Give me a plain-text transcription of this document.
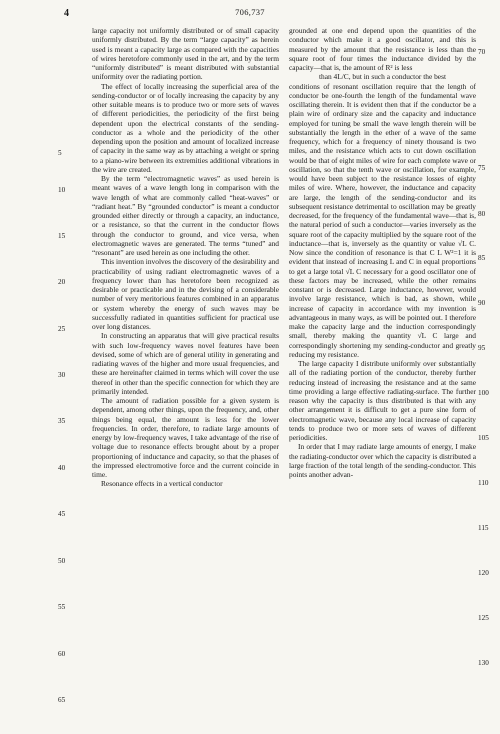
4	706,737

large capacity not uniformly distributed or of small capacity uniformly distributed. By the term “large capacity” as herein used is meant a capacity large as compared with the capacities of wires heretofore commonly used in the art, and by the term “uniformly distributed” is meant distributed with substantial uniformity over the radiating portion.

The effect of locally increasing the superficial area of the sending-conductor or of locally increasing the capacity by any other suitable means is to produce two or more sets of waves of different periodicities, the periodicity of the first being dependent upon the electrical constants of the sending-conductor as a whole and the periodicity of the other depending upon the position and amount of localized increase of capacity in the same way as by attaching a weight or spring to a piano-wire between its extremities additional vibrations in the wire are created.

By the term “electromagnetic waves” as used herein is meant waves of a wave length long in comparison with the wave length of what are commonly called “heat-waves” or “radiant heat.” By “grounded conductor” is meant a conductor grounded either directly or through a capacity, an inductance, or a resistance, so that the current in the conductor flows through the conductor to ground, and vice versa, when electromagnetic waves are generated. The terms “tuned” and “resonant” are used herein as one including the other.

This invention involves the discovery of the desirability and practicability of using radiant electromagnetic waves of a frequency lower than has heretofore been recognized as desirable or practicable and in the devising of a considerable number of very meritorious features combined in an apparatus or system whereby the energy of such waves may be successfully radiated in quantities sufficient for practical use over long distances.

In constructing an apparatus that will give practical results with such low-frequency waves novel features have been devised, some of which are of general utility in generating and radiating waves of the higher and more usual frequencies, and these are hereinafter claimed in terms which will cover the use thereof in other than the specific connection for which they are primarily intended.

The amount of radiation possible for a given system is dependent, among other things, upon the frequency, and, other things being equal, the amount is less for the lower frequencies. In order, therefore, to radiate large amounts of energy by low-frequency waves, I take advantage of the rise of voltage due to resonance effects brought about by a proper proportioning of inductance and capacity, so that the phases of the impressed electromotive force and the current coincide in time.

Resonance effects in a vertical conductor

grounded at one end depend upon the quantities of the conductor which make it a good oscillator, and this is measured by the amount that the resistance is less than the square root of four times the inductance divided by the capacity—that is, the amount of R² is less

than 4L/C, but in such a conductor the best

conditions of resonant oscillation require that the length of conductor be one-fourth the length of the fundamental wave oscillating therein. It is evident then that if the conductor be a plain wire of ordinary size and the capacity and inductance employed for tuning be small the wave length therein will be substantially the length in the ether of a wave of the same frequency, which for a frequency of ninety thousand is two miles, and the resistance which acts to cut down oscillation would be that of eight miles of wire for each complete wave or oscillation, so that the tenth wave or oscillation, for example, would have been subject to the resistance losses of eighty miles of wire. Where, however, the inductance and capacity are large, the length of the sending-conductor and its subsequent resistance detrimental to oscillation may be greatly decreased, for the frequency of the fundamental wave—that is, the natural period of such a conductor—varies inversely as the square root of the capacity multiplied by the square root of the inductance—that is, inversely as the quantity or value √L C. Now since the condition of resonance is that C L W²=1 it is evident that instead of increasing L and C in equal proportions to get a large total √L C necessary for a good oscillator one of these factors may be increased, while the other remains constant or is decreased. Large inductance, however, would involve large resistance, which is bad, as shown, while increase of capacity in accordance with my invention is advantageous in many ways, as will be pointed out. I therefore make the capacity large and the induction correspondingly small, thereby making the quantity √L C large and correspondingly shortening my sending-conductor and greatly reducing my resistance.

The large capacity I distribute uniformly over substantially all of the radiating portion of the conductor, thereby further reducing instead of increasing the resistance and at the same time providing a large effective radiating-surface. The further reason why the capacity is thus distributed is that with any other arrangement it is difficult to get a pure sine form of electromagnetic wave, because any local increase of capacity tends to produce two or more sets of waves of different periodicities.

In order that I may radiate large amounts of energy, I make the radiating-conductor over which the capacity is distributed a large fraction of the total length of the sending-conductor. This points another advan-

5
10
15
20
25
30
35
40
45
50
55
60
65
70
75
80
85
90
95
100
105
110
115
120
125
130
